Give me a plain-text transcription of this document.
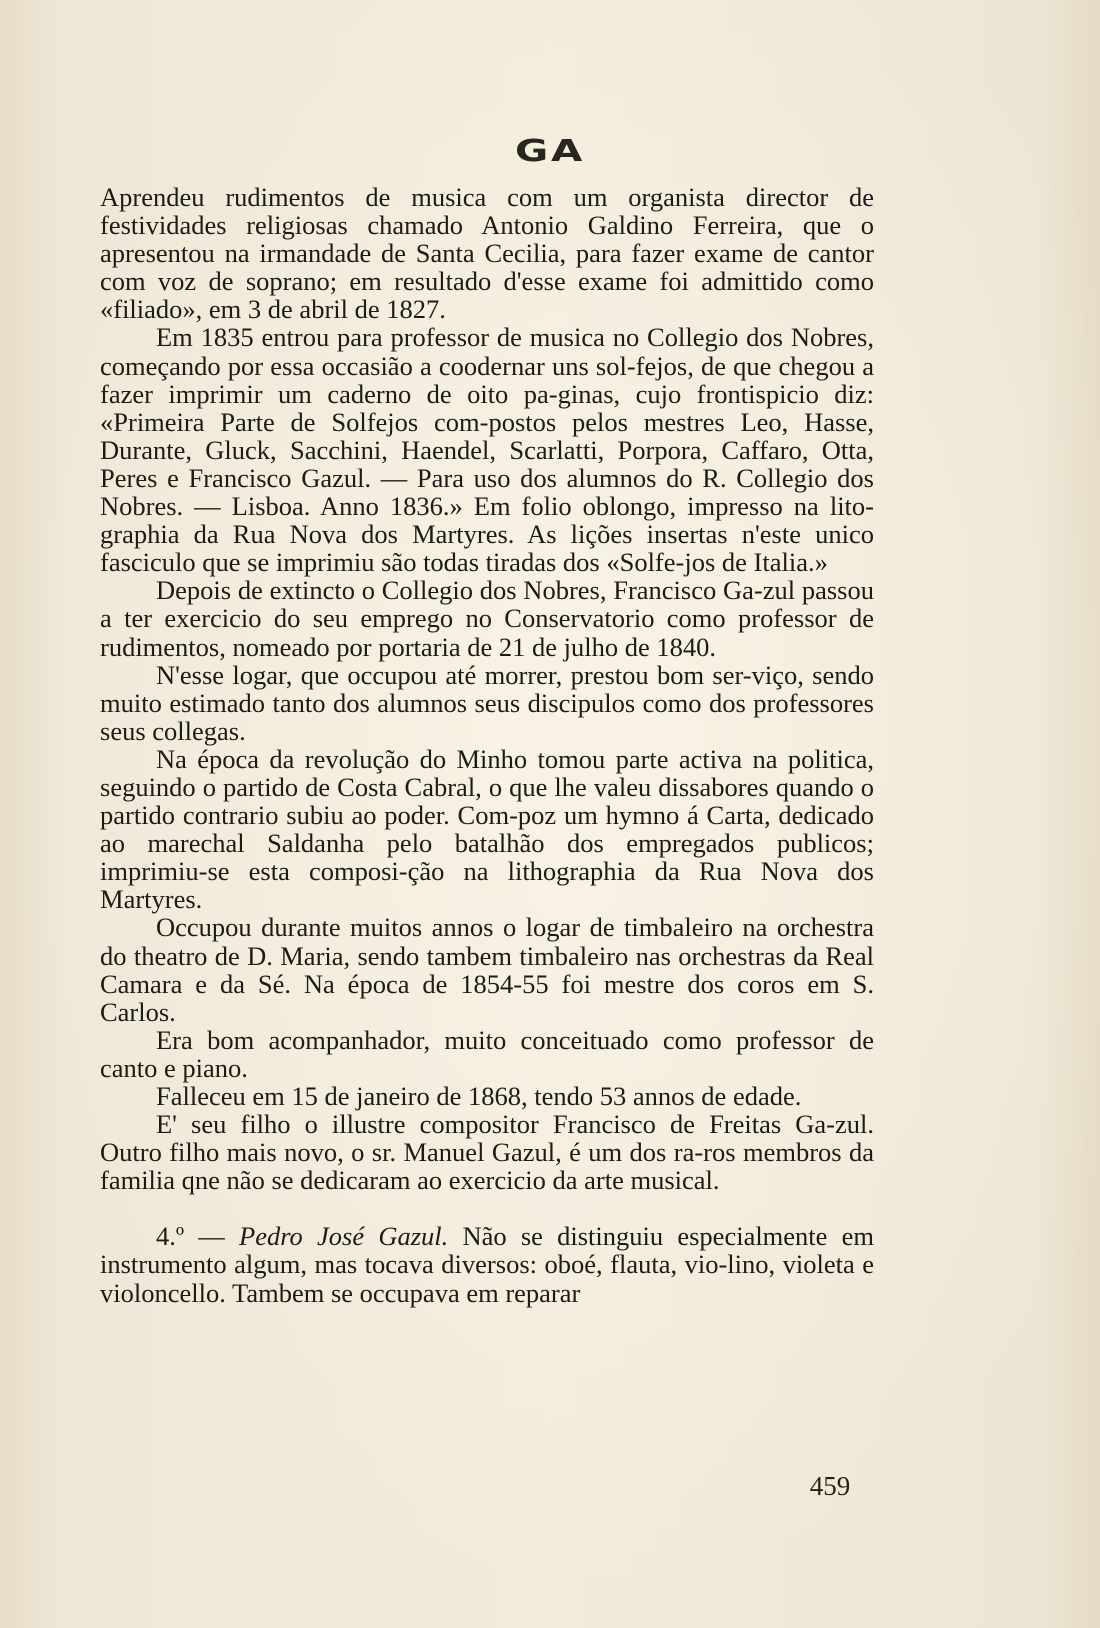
GA

Aprendeu rudimentos de musica com um organista director de festividades religiosas chamado Antonio Galdino Ferreira, que o apresentou na irmandade de Santa Cecilia, para fazer exame de cantor com voz de soprano; em resultado d'esse exame foi admittido como «filiado», em 3 de abril de 1827.

Em 1835 entrou para professor de musica no Collegio dos Nobres, começando por essa occasião a coodernar uns sol-fejos, de que chegou a fazer imprimir um caderno de oito pa-ginas, cujo frontispicio diz: «Primeira Parte de Solfejos com-postos pelos mestres Leo, Hasse, Durante, Gluck, Sacchini, Haendel, Scarlatti, Porpora, Caffaro, Otta, Peres e Francisco Gazul. — Para uso dos alumnos do R. Collegio dos Nobres. — Lisboa. Anno 1836.» Em folio oblongo, impresso na lito-graphia da Rua Nova dos Martyres. As lições insertas n'este unico fasciculo que se imprimiu são todas tiradas dos «Solfe-jos de Italia.»

Depois de extincto o Collegio dos Nobres, Francisco Ga-zul passou a ter exercicio do seu emprego no Conservatorio como professor de rudimentos, nomeado por portaria de 21 de julho de 1840.

N'esse logar, que occupou até morrer, prestou bom ser-viço, sendo muito estimado tanto dos alumnos seus discipulos como dos professores seus collegas.

Na época da revolução do Minho tomou parte activa na politica, seguindo o partido de Costa Cabral, o que lhe valeu dissabores quando o partido contrario subiu ao poder. Com-poz um hymno á Carta, dedicado ao marechal Saldanha pelo batalhão dos empregados publicos; imprimiu-se esta composi-ção na lithographia da Rua Nova dos Martyres.

Occupou durante muitos annos o logar de timbaleiro na orchestra do theatro de D. Maria, sendo tambem timbaleiro nas orchestras da Real Camara e da Sé. Na época de 1854-55 foi mestre dos coros em S. Carlos.

Era bom acompanhador, muito conceituado como professor de canto e piano.

Falleceu em 15 de janeiro de 1868, tendo 53 annos de edade.

E' seu filho o illustre compositor Francisco de Freitas Ga-zul. Outro filho mais novo, o sr. Manuel Gazul, é um dos ra-ros membros da familia qne não se dedicaram ao exercicio da arte musical.

4.º — Pedro José Gazul. Não se distinguiu especialmente em instrumento algum, mas tocava diversos: oboé, flauta, vio-lino, violeta e violoncello. Tambem se occupava em reparar

459
